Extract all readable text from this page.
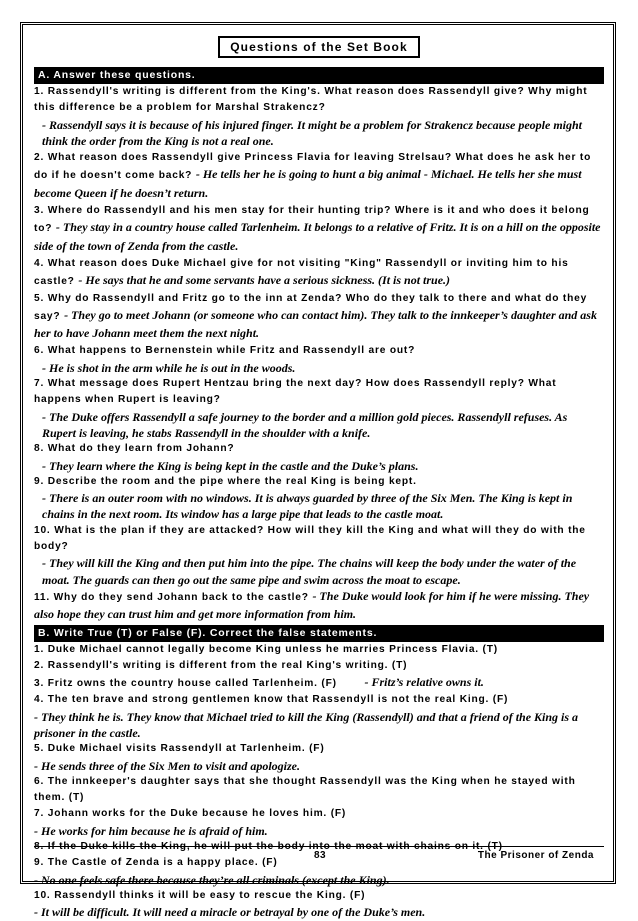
Questions of the Set Book
A. Answer these questions.

1. Rassendyll's writing is different from the King's. What reason does Rassendyll give? Why might this difference be a problem for Marshal Strakencz?

- Rassendyll says it is because of his injured finger. It might be a problem for Strakencz because people might think the order from the King is not a real one.

2. What reason does Rassendyll give Princess Flavia for leaving Strelsau? What does he ask her to do if he doesn't come back? - He tells her he is going to hunt a big animal - Michael. He tells her she must become Queen if he doesn’t return.

3. Where do Rassendyll and his men stay for their hunting trip? Where is it and who does it belong to? - They stay in a country house called Tarlenheim. It belongs to a relative of Fritz. It is on a hill on the opposite side of the town of Zenda from the castle.

4. What reason does Duke Michael give for not visiting "King" Rassendyll or inviting him to his castle? - He says that he and some servants have a serious sickness. (It is not true.)

5. Why do Rassendyll and Fritz go to the inn at Zenda? Who do they talk to there and what do they say? - They go to meet Johann (or someone who can contact him). They talk to the innkeeper’s daughter and ask her to have Johann meet them the next night.

6. What happens to Bernenstein while Fritz and Rassendyll are out?

- He is shot in the arm while he is out in the woods.

7. What message does Rupert Hentzau bring the next day? How does Rassendyll reply? What happens when Rupert is leaving?

- The Duke offers Rassendyll a safe journey to the border and a million gold pieces. Rassendyll refuses. As Rupert is leaving, he stabs Rassendyll in the shoulder with a knife.

8. What do they learn from Johann?

- They learn where the King is being kept in the castle and the Duke’s plans.

9. Describe the room and the pipe where the real King is being kept.

- There is an outer room with no windows. It is always guarded by three of the Six Men. The King is kept in chains in the next room. Its window has a large pipe that leads to the castle moat.

10. What is the plan if they are attacked? How will they kill the King and what will they do with the body?

- They will kill the King and then put him into the pipe. The chains will keep the body under the water of the moat. The guards can then go out the same pipe and swim across the moat to escape.

11. Why do they send Johann back to the castle? - The Duke would look for him if he were missing. They also hope they can trust him and get more information from him.

B. Write True (T) or False (F). Correct the false statements.

1. Duke Michael cannot legally become King unless he marries Princess Flavia. (T)

2. Rassendyll's writing is different from the real King's writing. (T)

3. Fritz owns the country house called Tarlenheim. (F) - Fritz’s relative owns it.

4. The ten brave and strong gentlemen know that Rassendyll is not the real King. (F)

- They think he is. They know that Michael tried to kill the King (Rassendyll) and that a friend of the King is a prisoner in the castle.

5. Duke Michael visits Rassendyll at Tarlenheim. (F)

- He sends three of the Six Men to visit and apologize.

6. The innkeeper's daughter says that she thought Rassendyll was the King when he stayed with them. (T)

7. Johann works for the Duke because he loves him. (F)

- He works for him because he is afraid of him.

8. If the Duke kills the King, he will put the body into the moat with chains on it. (T)

9. The Castle of Zenda is a happy place. (F)

- No one feels safe there because they’re all criminals (except the King).

10. Rassendyll thinks it will be easy to rescue the King. (F)

- It will be difficult. It will need a miracle or betrayal by one of the Duke’s men.

83	The Prisoner of Zenda
